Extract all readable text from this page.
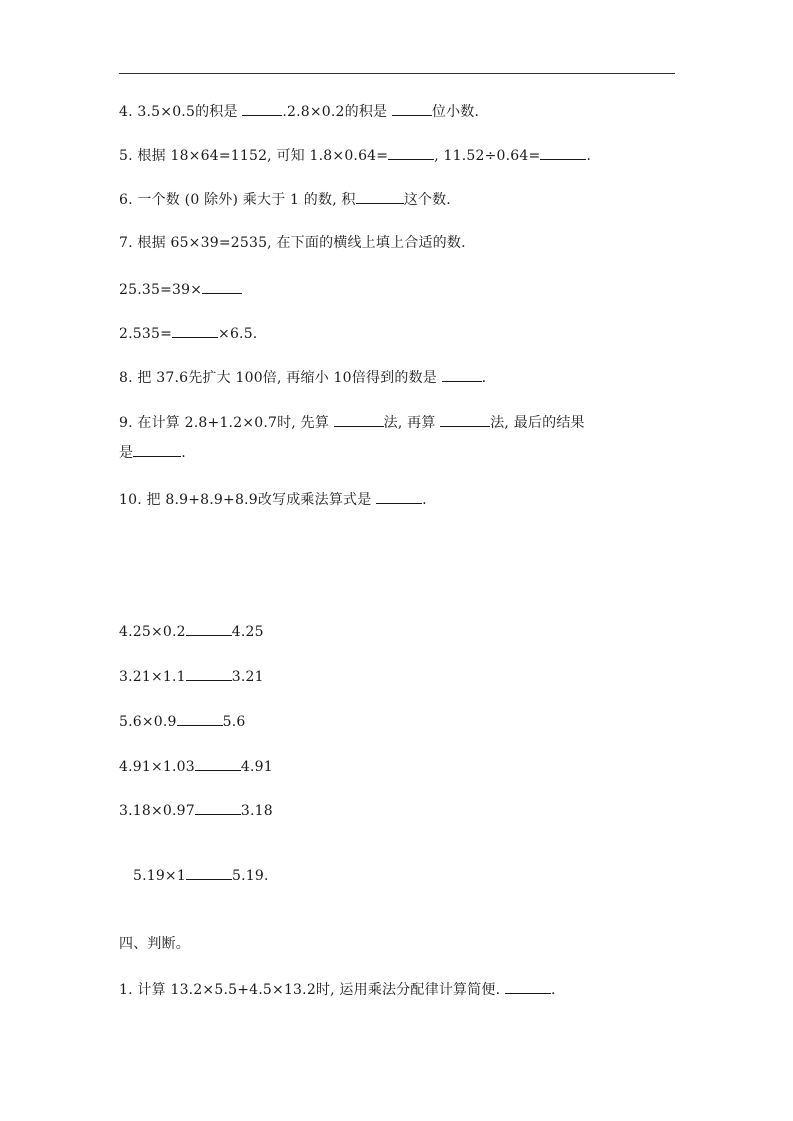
4. 3.5×0.5的积是	.2.8×0.2的积是	位小数.
5. 根据 18×64=1152, 可知 1.8×0.64=	, 11.52÷0.64=	.
6. 一个数 (0 除外) 乘大于 1 的数, 积	这个数.
7. 根据 65×39=2535, 在下面的横线上填上合适的数.
25.35=39×
2.535=	×6.5.
8. 把 37.6先扩大 100倍, 再缩小 10倍得到的数是	.
9. 在计算 2.8+1.2×0.7时, 先算	法, 再算	法, 最后的结果
是	.
10. 把 8.9+8.9+8.9改写成乘法算式是	.
4.25×0.2	4.25
3.21×1.1	3.21
5.6×0.9	5.6
4.91×1.03	4.91
3.18×0.97	3.18

5.19×1	5.19.

四、判断。
1. 计算 13.2×5.5+4.5×13.2时, 运用乘法分配律计算简便.	.
